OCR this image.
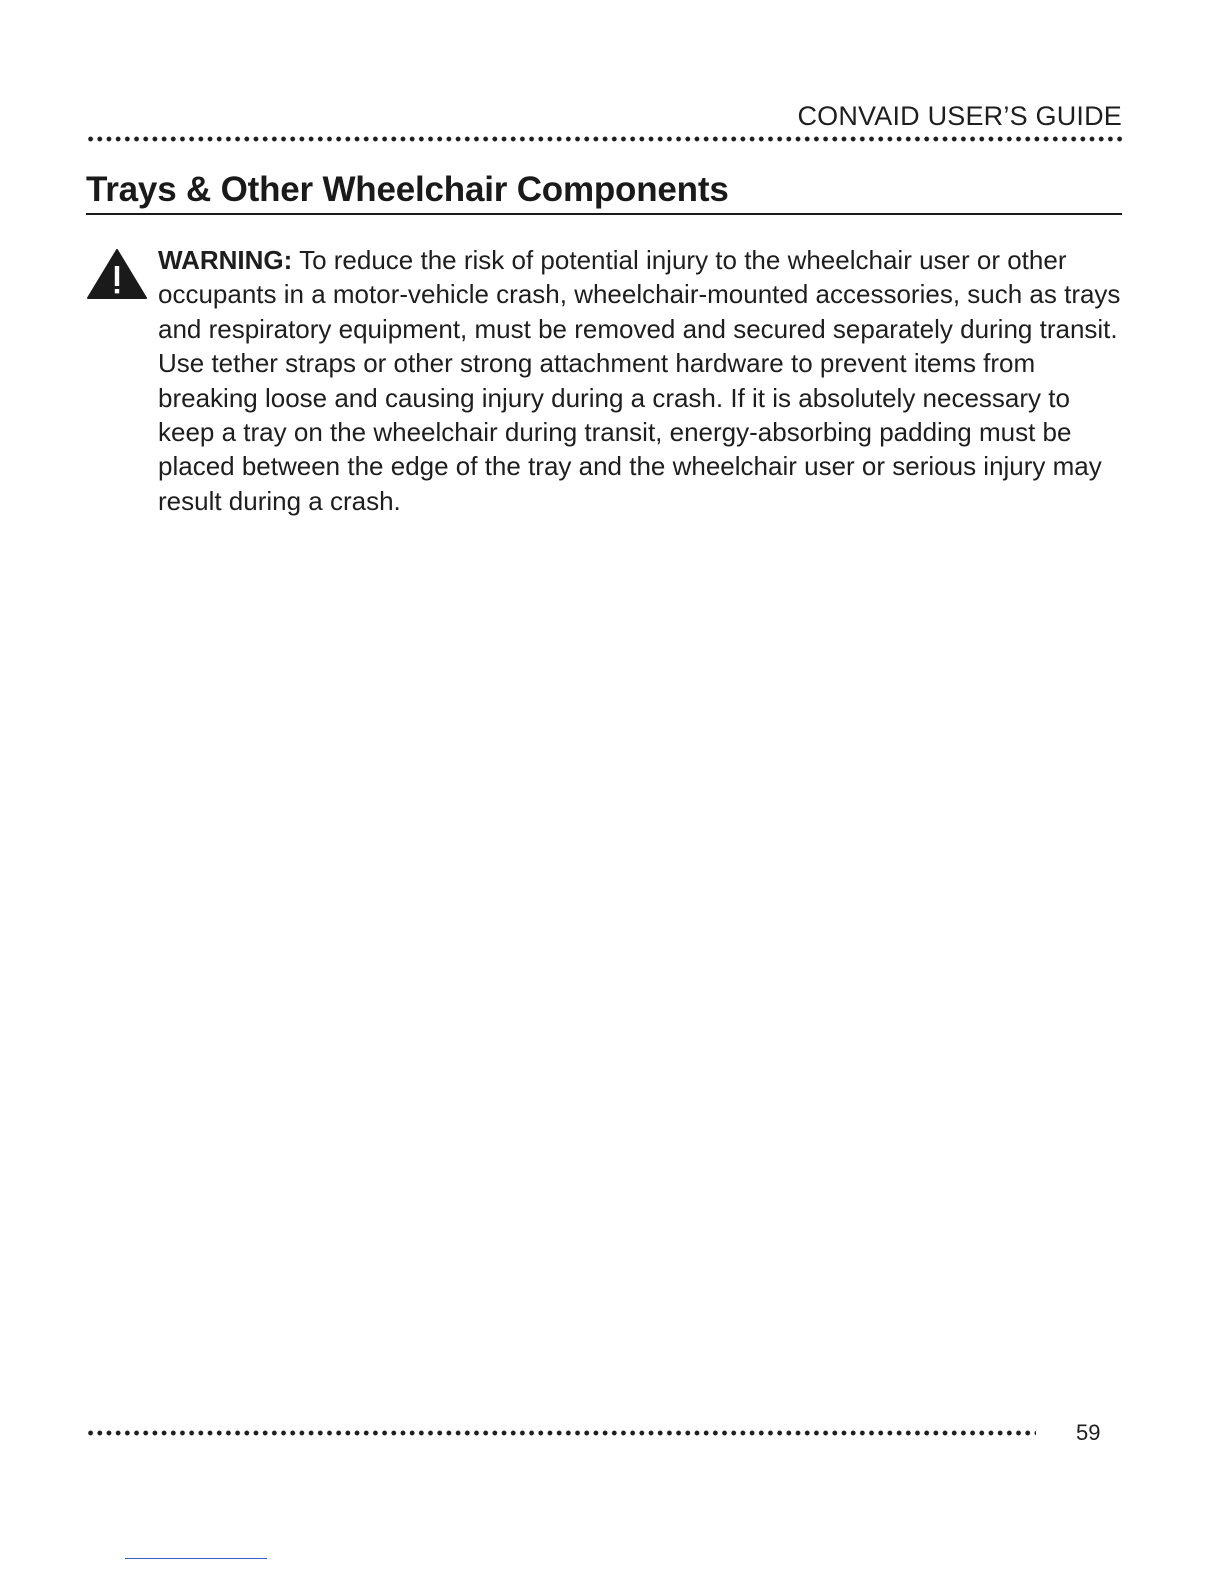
CONVAID USER’S GUIDE
Trays & Other Wheelchair Components

WARNING: To reduce the risk of potential injury to the wheelchair user or other occupants in a motor-vehicle crash, wheelchair-mounted accessories, such as trays and respiratory equipment, must be removed and secured separately during transit. Use tether straps or other strong attachment hardware to prevent items from breaking loose and causing injury during a crash. If it is absolutely necessary to keep a tray on the wheelchair during transit, energy-absorbing padding must be placed between the edge of the tray and the wheelchair user or serious injury may result during a crash.

59
